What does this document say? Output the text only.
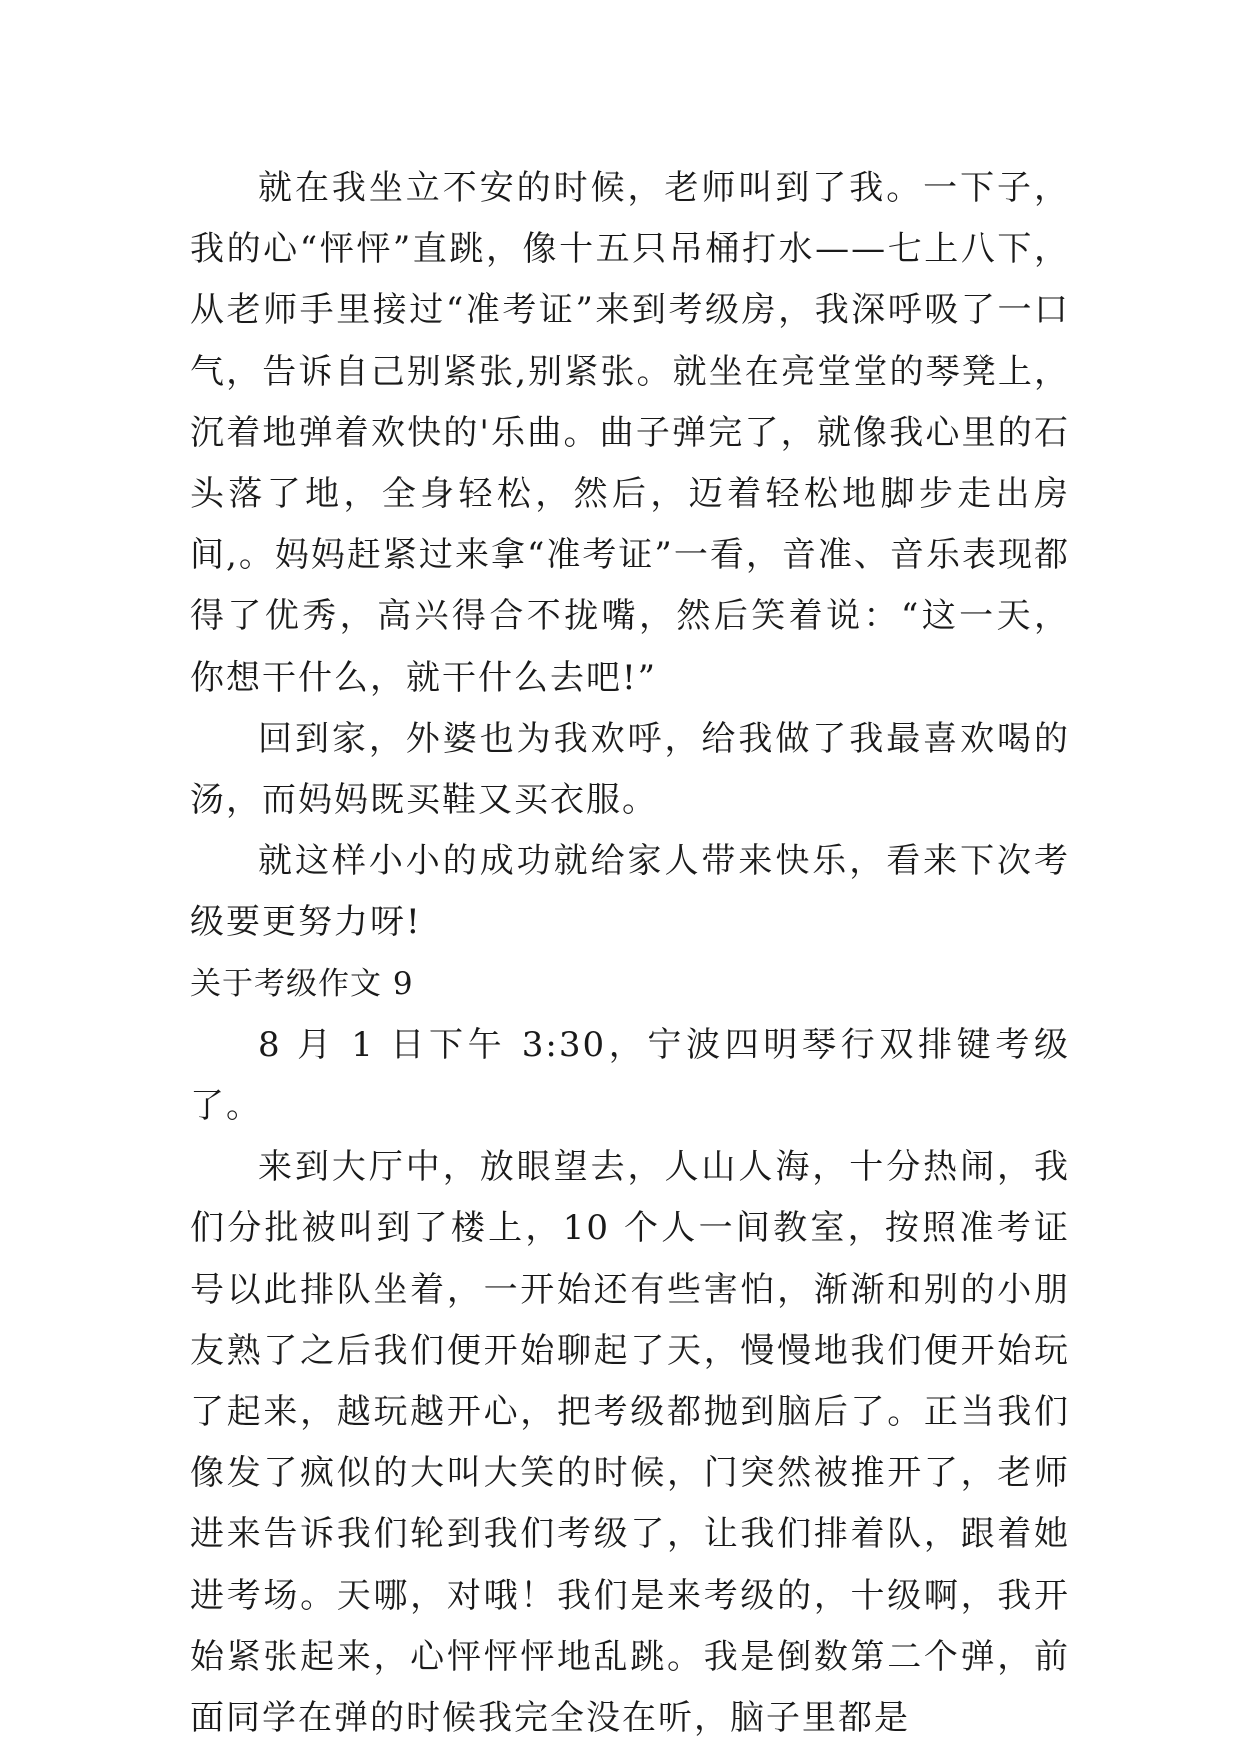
就在我坐立不安的时候，老师叫到了我。一下子，我的心“怦怦”直跳，像十五只吊桶打水——七上八下，从老师手里接过“准考证”来到考级房，我深呼吸了一口气，告诉自己别紧张,别紧张。就坐在亮堂堂的琴凳上，沉着地弹着欢快的'乐曲。曲子弹完了，就像我心里的石头落了地，全身轻松，然后，迈着轻松地脚步走出房间,。妈妈赶紧过来拿“准考证”一看，音准、音乐表现都得了优秀，高兴得合不拢嘴，然后笑着说：“这一天，你想干什么，就干什么去吧!”

回到家，外婆也为我欢呼，给我做了我最喜欢喝的汤，而妈妈既买鞋又买衣服。

就这样小小的成功就给家人带来快乐，看来下次考级要更努力呀!

关于考级作文 9

8 月 1 日下午 3:30，宁波四明琴行双排键考级了。

来到大厅中，放眼望去，人山人海，十分热闹，我们分批被叫到了楼上，10 个人一间教室，按照准考证号以此排队坐着，一开始还有些害怕，渐渐和别的小朋友熟了之后我们便开始聊起了天，慢慢地我们便开始玩了起来，越玩越开心，把考级都抛到脑后了。正当我们像发了疯似的大叫大笑的时候，门突然被推开了，老师进来告诉我们轮到我们考级了，让我们排着队，跟着她进考场。天哪，对哦！我们是来考级的，十级啊，我开始紧张起来，心怦怦怦地乱跳。我是倒数第二个弹，前面同学在弹的时候我完全没在听，脑子里都是
